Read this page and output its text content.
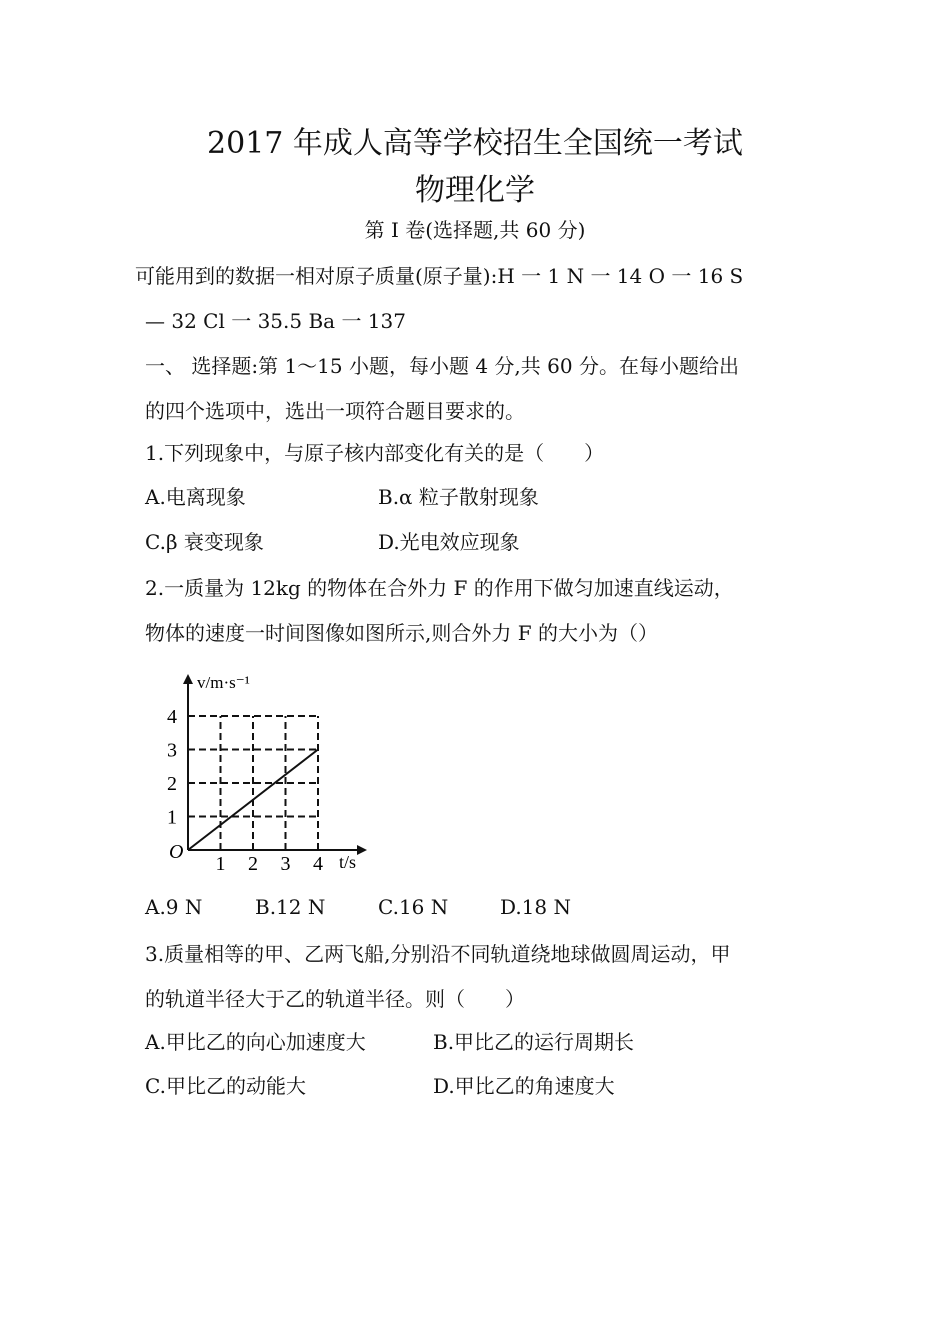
2017 年成人高等学校招生全国统一考试
物理化学
第 I 卷(选择题,共 60 分)
可能用到的数据一相对原子质量(原子量):H 一 1 N 一 14 O 一 16 S
— 32 Cl 一 35.5 Ba 一 137
一、 选择题:第 1～15 小题，每小题 4 分,共 60 分。在每小题给出
的四个选项中，选出一项符合题目要求的。
1.下列现象中，与原子核内部变化有关的是（　　）
A.电离现象	B.α 粒子散射现象
C.β 衰变现象	D.光电效应现象
2.一质量为 12kg 的物体在合外力 F 的作用下做匀加速直线运动，
物体的速度一时间图像如图所示,则合外力 F 的大小为（）
1 2 3 4
1
2
3
4
O
v/m·s⁻¹
t/s
A.9 N	B.12 N	C.16 N	D.18 N
3.质量相等的甲、乙两飞船,分别沿不同轨道绕地球做圆周运动，甲
的轨道半径大于乙的轨道半径。则（　　）
A.甲比乙的向心加速度大	B.甲比乙的运行周期长
C.甲比乙的动能大	D.甲比乙的角速度大
